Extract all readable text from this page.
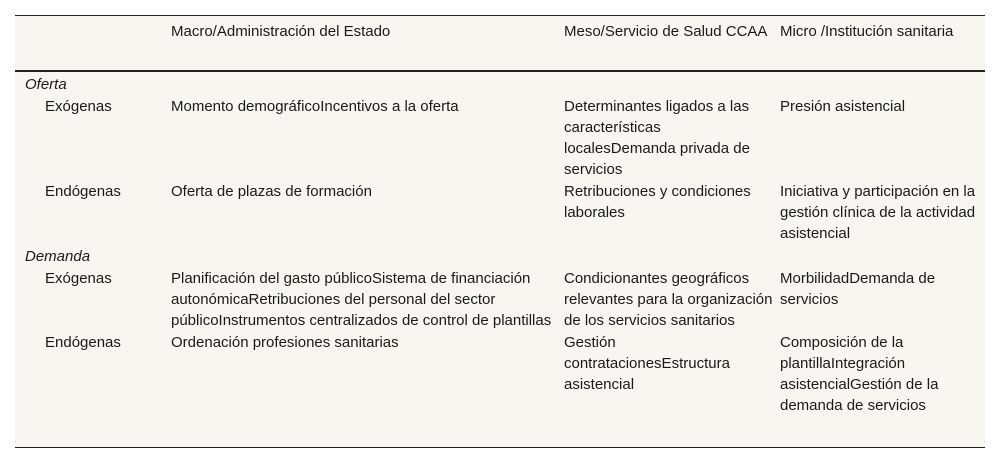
	Macro/Administración del Estado	Meso/Servicio de Salud CCAA	Micro /Institución sanitaria
Oferta			
Exógenas	Momento demográficoIncentivos a la oferta	Determinantes ligados a las características localesDemanda privada de servicios	Presión asistencial
Endógenas	Oferta de plazas de formación	Retribuciones y condiciones laborales	Iniciativa y participación en la gestión clínica de la actividad asistencial
Demanda			
Exógenas	Planificación del gasto públicoSistema de financiación autonómicaRetribuciones del personal del sector públicoInstrumentos centralizados de control de plantillas	Condicionantes geográficos relevantes para la organización de los servicios sanitarios	MorbilidadDemanda de servicios
Endógenas	Ordenación profesiones sanitarias	Gestión contratacionesEstructura asistencial	Composición de la plantillaIntegración asistencialGestión de la demanda de servicios
